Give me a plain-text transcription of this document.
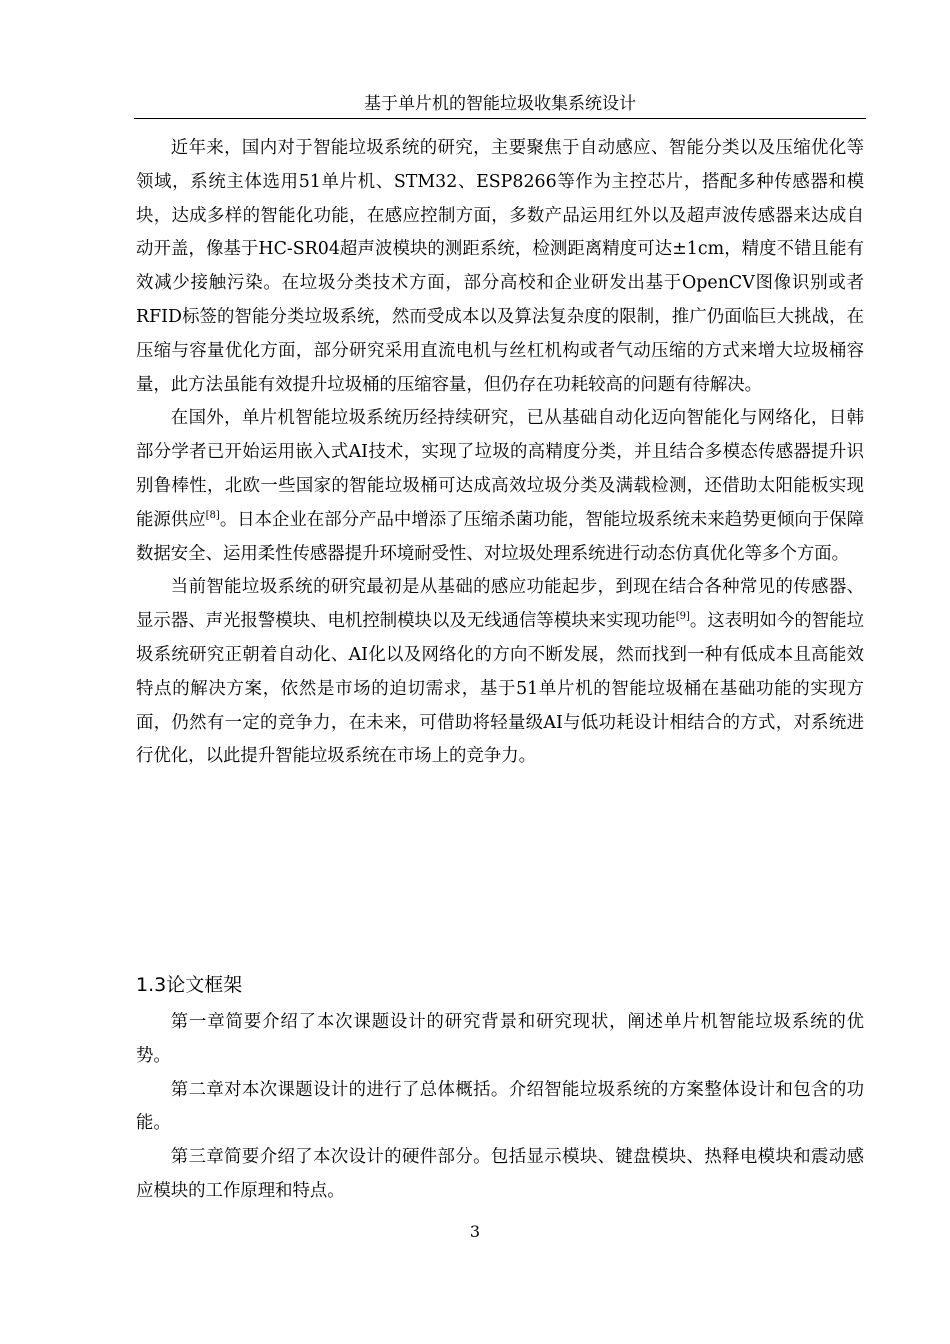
基于单片机的智能垃圾收集系统设计

近年来，国内对于智能垃圾系统的研究，主要聚焦于自动感应、智能分类以及压缩优化等领域，系统主体选用51单片机、STM32、ESP8266等作为主控芯片，搭配多种传感器和模块，达成多样的智能化功能，在感应控制方面，多数产品运用红外以及超声波传感器来达成自动开盖，像基于HC-SR04超声波模块的测距系统，检测距离精度可达±1cm，精度不错且能有效减少接触污染。在垃圾分类技术方面，部分高校和企业研发出基于OpenCV图像识别或者RFID标签的智能分类垃圾系统，然而受成本以及算法复杂度的限制，推广仍面临巨大挑战，在压缩与容量优化方面，部分研究采用直流电机与丝杠机构或者气动压缩的方式来增大垃圾桶容量，此方法虽能有效提升垃圾桶的压缩容量，但仍存在功耗较高的问题有待解决。

在国外，单片机智能垃圾系统历经持续研究，已从基础自动化迈向智能化与网络化，日韩部分学者已开始运用嵌入式AI技术，实现了垃圾的高精度分类，并且结合多模态传感器提升识别鲁棒性，北欧一些国家的智能垃圾桶可达成高效垃圾分类及满载检测，还借助太阳能板实现能源供应[8]。日本企业在部分产品中增添了压缩杀菌功能，智能垃圾系统未来趋势更倾向于保障数据安全、运用柔性传感器提升环境耐受性、对垃圾处理系统进行动态仿真优化等多个方面。

当前智能垃圾系统的研究最初是从基础的感应功能起步，到现在结合各种常见的传感器、显示器、声光报警模块、电机控制模块以及无线通信等模块来实现功能[9]。这表明如今的智能垃圾系统研究正朝着自动化、AI化以及网络化的方向不断发展，然而找到一种有低成本且高能效特点的解决方案，依然是市场的迫切需求，基于51单片机的智能垃圾桶在基础功能的实现方面，仍然有一定的竞争力，在未来，可借助将轻量级AI与低功耗设计相结合的方式，对系统进行优化，以此提升智能垃圾系统在市场上的竞争力。

1.3论文框架

第一章简要介绍了本次课题设计的研究背景和研究现状，阐述单片机智能垃圾系统的优势。

第二章对本次课题设计的进行了总体概括。介绍智能垃圾系统的方案整体设计和包含的功能。

第三章简要介绍了本次设计的硬件部分。包括显示模块、键盘模块、热释电模块和震动感应模块的工作原理和特点。

3
